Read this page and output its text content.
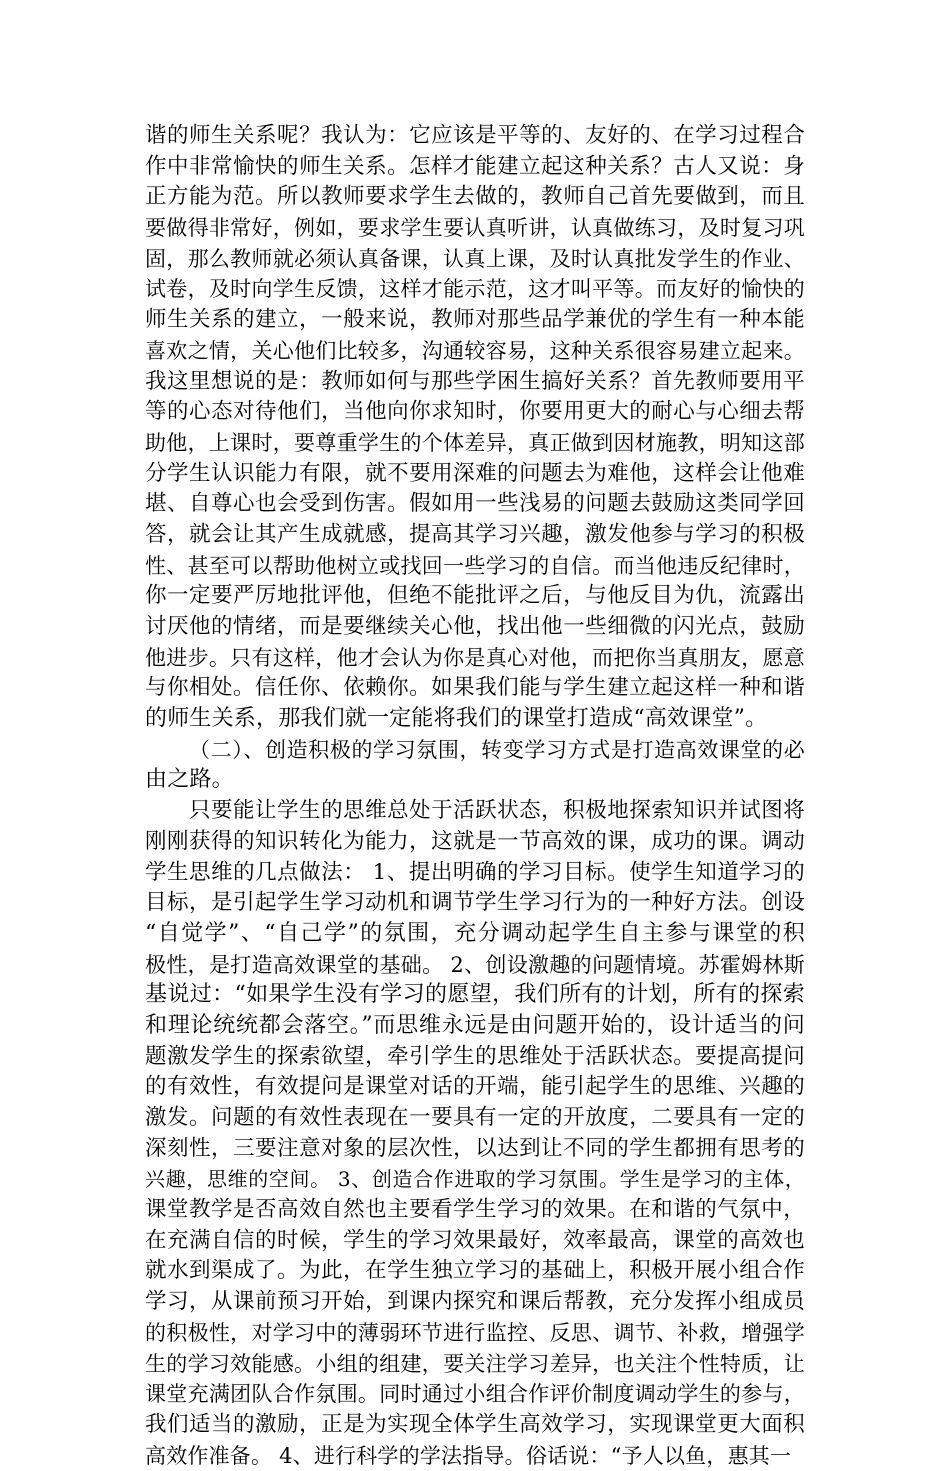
谐的师生关系呢？我认为：它应该是平等的、友好的、在学习过程合
作中非常愉快的师生关系。怎样才能建立起这种关系？古人又说：身
正方能为范。所以教师要求学生去做的，教师自己首先要做到，而且
要做得非常好，例如，要求学生要认真听讲，认真做练习，及时复习巩
固，那么教师就必须认真备课，认真上课，及时认真批发学生的作业、
试卷，及时向学生反馈，这样才能示范，这才叫平等。而友好的愉快的
师生关系的建立，一般来说，教师对那些品学兼优的学生有一种本能
喜欢之情，关心他们比较多，沟通较容易，这种关系很容易建立起来。
我这里想说的是：教师如何与那些学困生搞好关系？首先教师要用平
等的心态对待他们，当他向你求知时，你要用更大的耐心与心细去帮
助他，上课时，要尊重学生的个体差异，真正做到因材施教，明知这部
分学生认识能力有限，就不要用深难的问题去为难他，这样会让他难
堪、自尊心也会受到伤害。假如用一些浅易的问题去鼓励这类同学回
答，就会让其产生成就感，提高其学习兴趣，激发他参与学习的积极
性、甚至可以帮助他树立或找回一些学习的自信。而当他违反纪律时，
你一定要严厉地批评他，但绝不能批评之后，与他反目为仇，流露出
讨厌他的情绪，而是要继续关心他，找出他一些细微的闪光点，鼓励
他进步。只有这样，他才会认为你是真心对他，而把你当真朋友，愿意
与你相处。信任你、依赖你。如果我们能与学生建立起这样一种和谐
的师生关系，那我们就一定能将我们的课堂打造成“高效课堂”。
（二）、创造积极的学习氛围，转变学习方式是打造高效课堂的必
由之路。
只要能让学生的思维总处于活跃状态，积极地探索知识并试图将
刚刚获得的知识转化为能力，这就是一节高效的课，成功的课。调动
学生思维的几点做法： 1、提出明确的学习目标。使学生知道学习的
目标，是引起学生学习动机和调节学生学习行为的一种好方法。创设
“自觉学”、“自己学”的氛围，充分调动起学生自主参与课堂的积
极性，是打造高效课堂的基础。 2、创设激趣的问题情境。苏霍姆林斯
基说过：“如果学生没有学习的愿望，我们所有的计划，所有的探索
和理论统统都会落空。”而思维永远是由问题开始的，设计适当的问
题激发学生的探索欲望，牵引学生的思维处于活跃状态。要提高提问
的有效性，有效提问是课堂对话的开端，能引起学生的思维、兴趣的
激发。问题的有效性表现在一要具有一定的开放度，二要具有一定的
深刻性，三要注意对象的层次性，以达到让不同的学生都拥有思考的
兴趣，思维的空间。 3、创造合作进取的学习氛围。学生是学习的主体，
课堂教学是否高效自然也主要看学生学习的效果。在和谐的气氛中，
在充满自信的时候，学生的学习效果最好，效率最高，课堂的高效也
就水到渠成了。为此，在学生独立学习的基础上，积极开展小组合作
学习，从课前预习开始，到课内探究和课后帮教，充分发挥小组成员
的积极性，对学习中的薄弱环节进行监控、反思、调节、补救，增强学
生的学习效能感。小组的组建，要关注学习差异，也关注个性特质，让
课堂充满团队合作氛围。同时通过小组合作评价制度调动学生的参与，
我们适当的激励，正是为实现全体学生高效学习，实现课堂更大面积
高效作准备。 4、进行科学的学法指导。俗话说：“予人以鱼，惠其一
